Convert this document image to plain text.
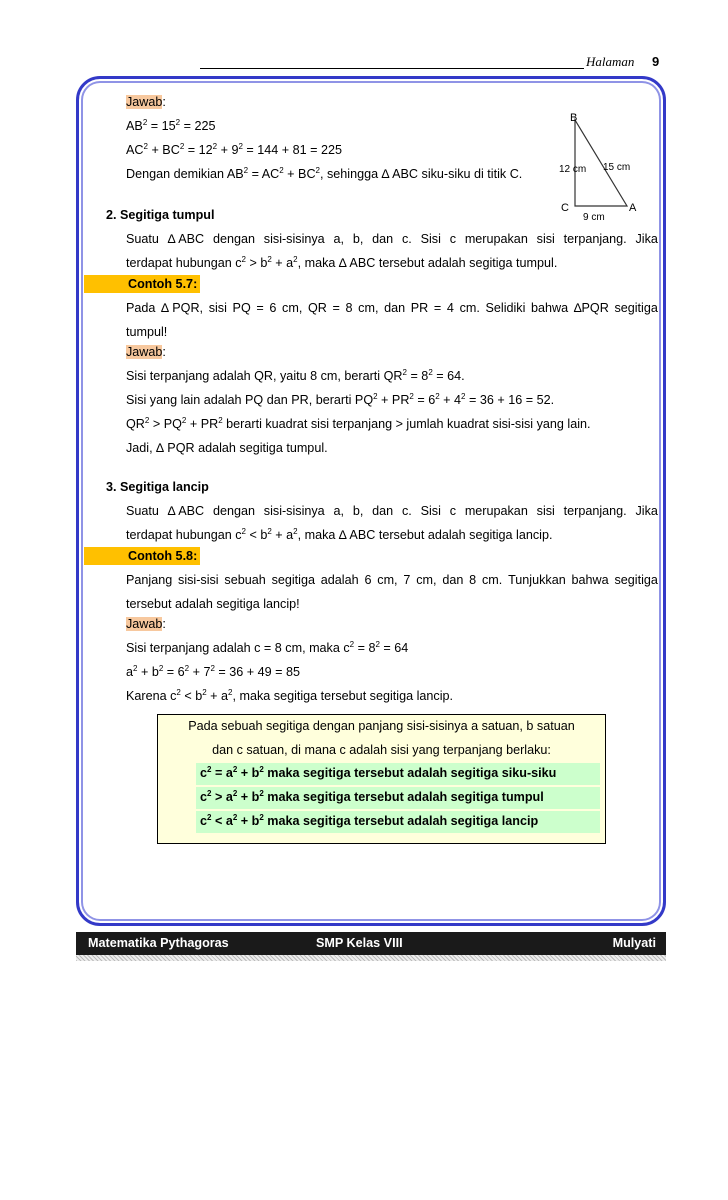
Halaman 9
B
C	A
12 cm 15 cm
9 cm
Jawab:
$AB^2 = 15^2 = 225$
$AC^2 + BC^2 = 12^2 + 9^2 = 144 + 81 = 225$
Dengan demikian $AB^2 = AC^2 + BC^2$, sehingga ∆ ABC siku-siku di titik C.
2. Segitiga tumpul
Suatu ∆ ABC dengan sisi-sisinya a, b, dan c. Sisi c merupakan sisi terpanjang. Jika
terdapat hubungan $c^2 > b^2 + a^2$, maka ∆ ABC tersebut adalah segitiga tumpul.
Contoh 5.7:
Pada ∆ PQR, sisi PQ = 6 cm, QR = 8 cm, dan PR = 4 cm. Selidiki bahwa ∆PQR segitiga
tumpul!
Jawab:
Sisi terpanjang adalah QR, yaitu 8 cm, berarti $QR^2 = 8^2 = 64$.
Sisi yang lain adalah PQ dan PR, berarti $PQ^2 + PR^2 = 6^2 + 4^2 = 36 + 16 = 52$.
$QR^2 > PQ^2 + PR^2$ berarti kuadrat sisi terpanjang > jumlah kuadrat sisi-sisi yang lain.
Jadi, ∆ PQR adalah segitiga tumpul.
3. Segitiga lancip
Suatu ∆ ABC dengan sisi-sisinya a, b, dan c. Sisi c merupakan sisi terpanjang. Jika
terdapat hubungan $c^2 < b^2 + a^2$, maka ∆ ABC tersebut adalah segitiga lancip.
Contoh 5.8:
Panjang sisi-sisi sebuah segitiga adalah 6 cm, 7 cm, dan 8 cm. Tunjukkan bahwa segitiga
tersebut adalah segitiga lancip!
Jawab:
Sisi terpanjang adalah c = 8 cm, maka $c^2 = 8^2 = 64$
$a^2 + b^2 = 6^2 + 7^2 = 36 + 49 = 85$
Karena $c^2 < b^2 + a^2$, maka segitiga tersebut segitiga lancip.
Pada sebuah segitiga dengan panjang sisi-sisinya a satuan, b satuan
dan c satuan, di mana c adalah sisi yang terpanjang berlaku:
$c^2 = a^2 + b^2$ maka segitiga tersebut adalah segitiga siku-siku
$c^2 > a^2 + b^2$ maka segitiga tersebut adalah segitiga tumpul
$c^2 < a^2 + b^2$ maka segitiga tersebut adalah segitiga lancip
Matematika Pythagoras	SMP Kelas VIII	Mulyati
